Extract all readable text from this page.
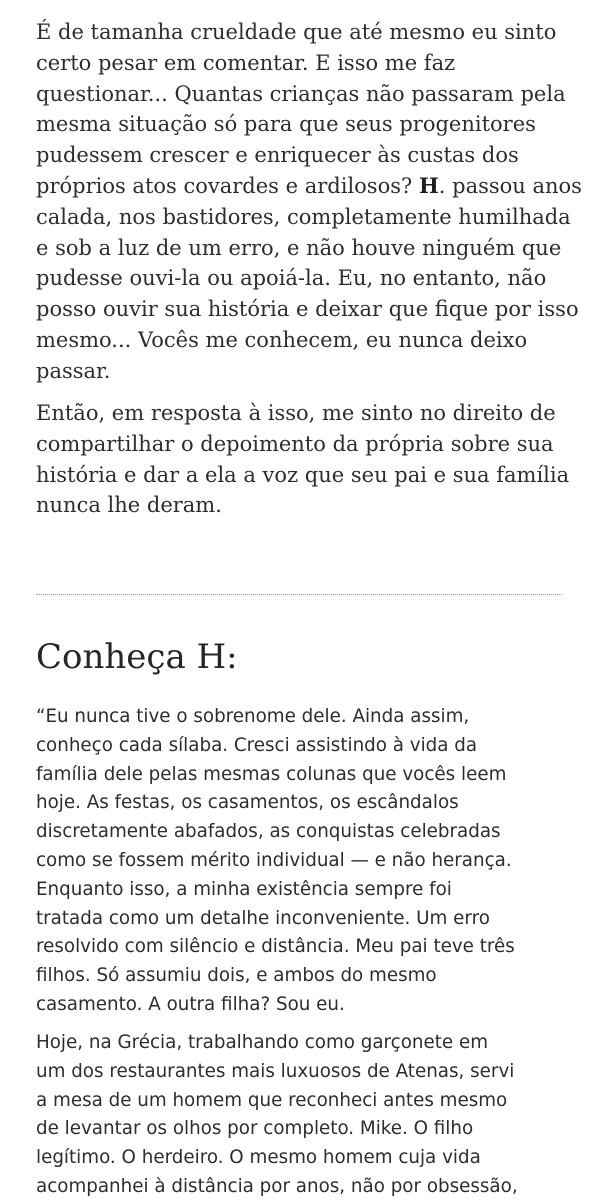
É de tamanha crueldade que até mesmo eu sinto
certo pesar em comentar. E isso me faz
questionar... Quantas crianças não passaram pela
mesma situação só para que seus progenitores
pudessem crescer e enriquecer às custas dos
próprios atos covardes e ardilosos? H. passou anos
calada, nos bastidores, completamente humilhada
e sob a luz de um erro, e não houve ninguém que
pudesse ouvi-la ou apoiá-la. Eu, no entanto, não
posso ouvir sua história e deixar que fique por isso
mesmo... Vocês me conhecem, eu nunca deixo
passar.

Então, em resposta à isso, me sinto no direito de
compartilhar o depoimento da própria sobre sua
história e dar a ela a voz que seu pai e sua família
nunca lhe deram.

Conheça H:

“Eu nunca tive o sobrenome dele. Ainda assim,
conheço cada sílaba. Cresci assistindo à vida da
família dele pelas mesmas colunas que vocês leem
hoje. As festas, os casamentos, os escândalos
discretamente abafados, as conquistas celebradas
como se fossem mérito individual — e não herança.
Enquanto isso, a minha existência sempre foi
tratada como um detalhe inconveniente. Um erro
resolvido com silêncio e distância. Meu pai teve três
filhos. Só assumiu dois, e ambos do mesmo
casamento. A outra filha? Sou eu.

Hoje, na Grécia, trabalhando como garçonete em
um dos restaurantes mais luxuosos de Atenas, servi
a mesa de um homem que reconheci antes mesmo
de levantar os olhos por completo. Mike. O filho
legítimo. O herdeiro. O mesmo homem cuja vida
acompanhei à distância por anos, não por obsessão,
